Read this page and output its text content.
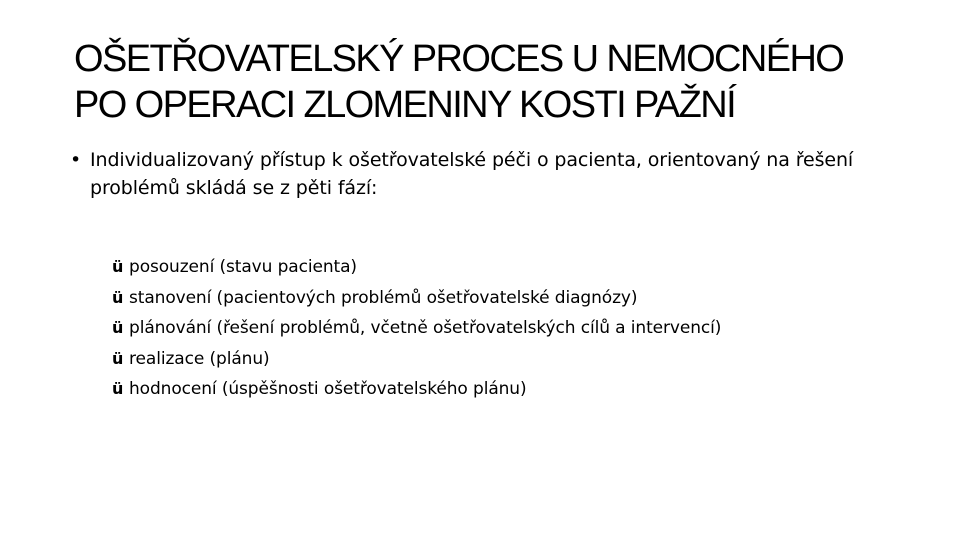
OŠETŘOVATELSKÝ PROCES U NEMOCNÉHO
PO OPERACI ZLOMENINY KOSTI PAŽNÍ
• Individualizovaný přístup k ošetřovatelské péči o pacienta, orientovaný na řešení problémů skládá se z pěti fází:
ü posouzení (stavu pacienta)
ü stanovení (pacientových problémů ošetřovatelské diagnózy)
ü plánování (řešení problémů, včetně ošetřovatelských cílů a intervencí)
ü realizace (plánu)
ü hodnocení (úspěšnosti ošetřovatelského plánu)
